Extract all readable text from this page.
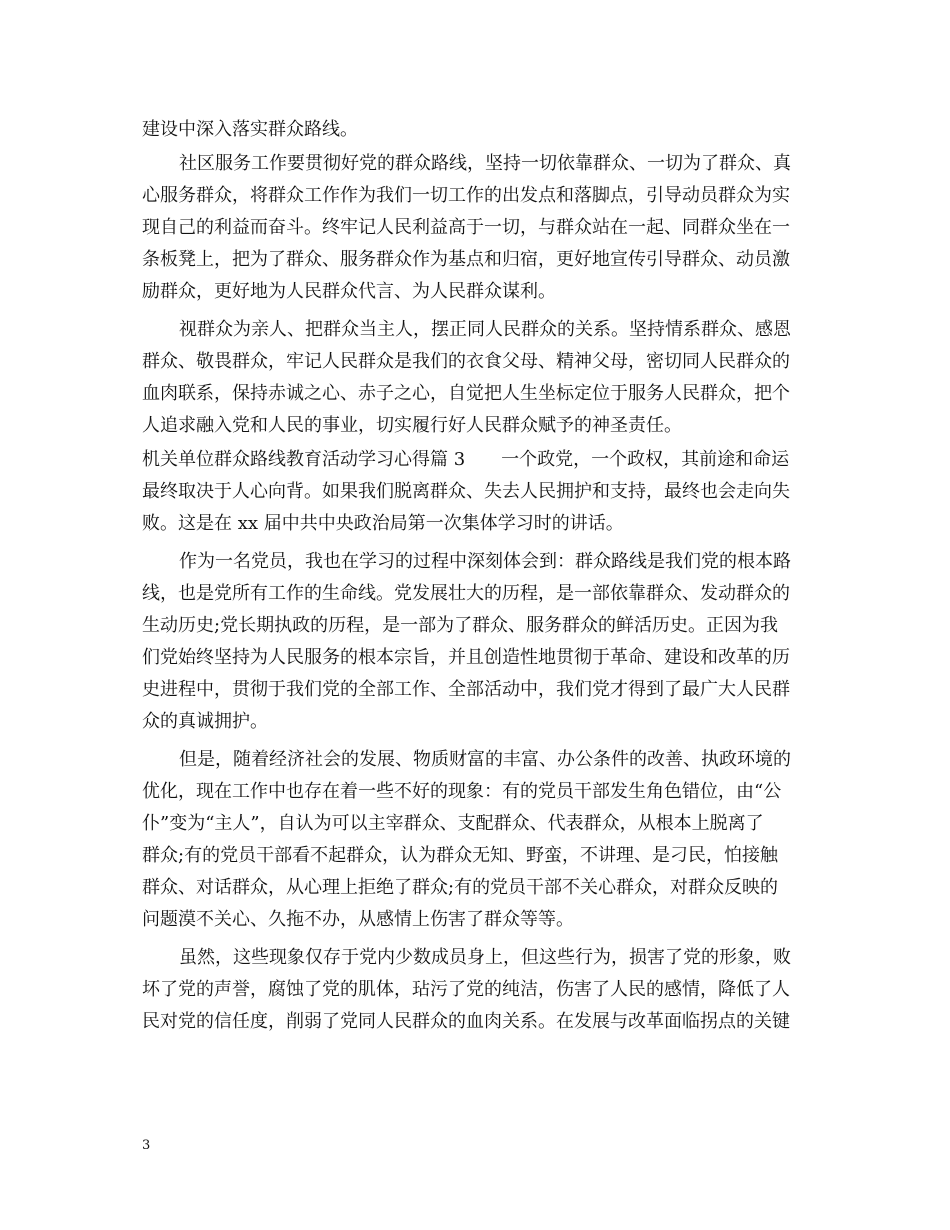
建设中深入落实群众路线。
社区服务工作要贯彻好党的群众路线，坚持一切依靠群众、一切为了群众、真
心服务群众，将群众工作作为我们一切工作的出发点和落脚点，引导动员群众为实
现自己的利益而奋斗。终牢记人民利益高于一切，与群众站在一起、同群众坐在一
条板凳上，把为了群众、服务群众作为基点和归宿，更好地宣传引导群众、动员激
励群众，更好地为人民群众代言、为人民群众谋利。
视群众为亲人、把群众当主人，摆正同人民群众的关系。坚持情系群众、感恩
群众、敬畏群众，牢记人民群众是我们的衣食父母、精神父母，密切同人民群众的
血肉联系，保持赤诚之心、赤子之心，自觉把人生坐标定位于服务人民群众，把个
人追求融入党和人民的事业，切实履行好人民群众赋予的神圣责任。
机关单位群众路线教育活动学习心得篇 3　　一个政党，一个政权，其前途和命运
最终取决于人心向背。如果我们脱离群众、失去人民拥护和支持，最终也会走向失
败。这是在 xx 届中共中央政治局第一次集体学习时的讲话。
作为一名党员，我也在学习的过程中深刻体会到：群众路线是我们党的根本路
线，也是党所有工作的生命线。党发展壮大的历程，是一部依靠群众、发动群众的
生动历史;党长期执政的历程，是一部为了群众、服务群众的鲜活历史。正因为我
们党始终坚持为人民服务的根本宗旨，并且创造性地贯彻于革命、建设和改革的历
史进程中，贯彻于我们党的全部工作、全部活动中，我们党才得到了最广大人民群
众的真诚拥护。
但是，随着经济社会的发展、物质财富的丰富、办公条件的改善、执政环境的
优化，现在工作中也存在着一些不好的现象：有的党员干部发生角色错位，由“公
仆”变为“主人”，自认为可以主宰群众、支配群众、代表群众，从根本上脱离了
群众;有的党员干部看不起群众，认为群众无知、野蛮，不讲理、是刁民，怕接触
群众、对话群众，从心理上拒绝了群众;有的党员干部不关心群众，对群众反映的
问题漠不关心、久拖不办，从感情上伤害了群众等等。
虽然，这些现象仅存于党内少数成员身上，但这些行为，损害了党的形象，败
坏了党的声誉，腐蚀了党的肌体，玷污了党的纯洁，伤害了人民的感情，降低了人
民对党的信任度，削弱了党同人民群众的血肉关系。在发展与改革面临拐点的关键
3
